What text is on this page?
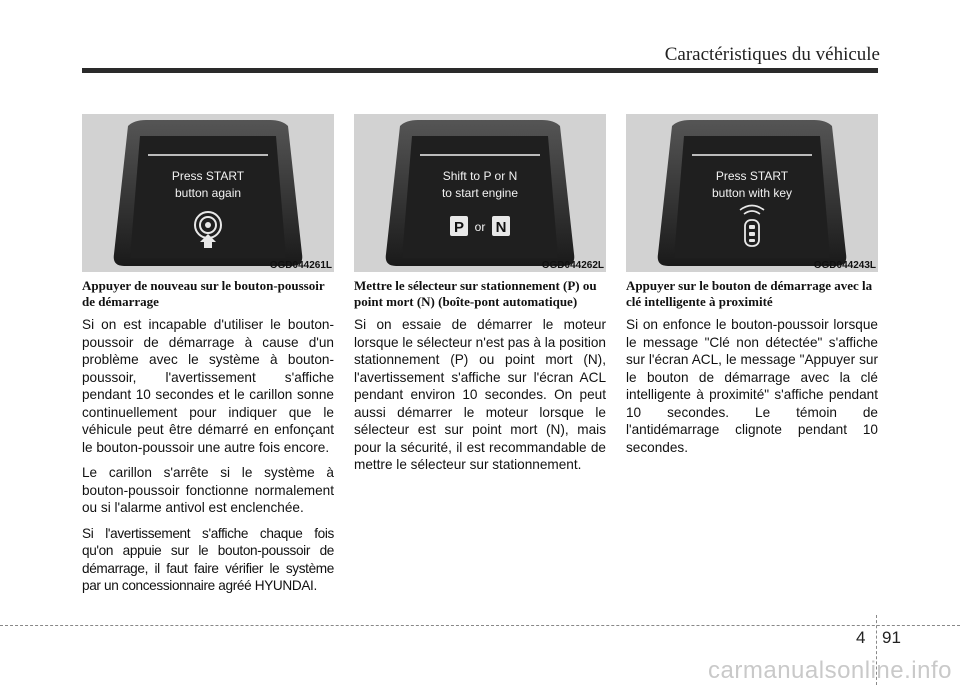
Caractéristiques du véhicule
Press START
button again
OGD044261L
Appuyer de nouveau sur le bouton-poussoir de démarrage

Si on est incapable d'utiliser le bouton-poussoir de démarrage à cause d'un problème avec le système à bouton-poussoir, l'avertissement s'affiche pendant 10 secondes et le carillon sonne continuellement pour indiquer que le véhicule peut être démarré en enfonçant le bouton-poussoir une autre fois encore.

Le carillon s'arrête si le système à bouton-poussoir fonctionne normalement ou si l'alarme antivol est enclenchée.

Si l'avertissement s'affiche chaque fois qu'on appuie sur le bouton-poussoir de démarrage, il faut faire vérifier le système par un concessionnaire agréé HYUNDAI.

Shift to P or N
to start engine
P or N
OGD044262L
Mettre le sélecteur sur stationnement (P) ou point mort (N) (boîte-pont automatique)

Si on essaie de démarrer le moteur lorsque le sélecteur n'est pas à la position stationnement (P) ou point mort (N), l'avertissement s'affiche sur l'écran ACL pendant environ 10 secondes. On peut aussi démarrer le moteur lorsque le sélecteur est sur point mort (N), mais pour la sécurité, il est recommandable de mettre le sélecteur sur stationnement.

Press START
button with key
OGD044243L
Appuyer sur le bouton de démarrage avec la clé intelligente à proximité

Si on enfonce le bouton-poussoir lorsque le message "Clé non détectée" s'affiche sur l'écran ACL, le message "Appuyer sur le bouton de démarrage avec la clé intelligente à proximité" s'affiche pendant 10 secondes. Le témoin de l'antidémarrage clignote pendant 10 secondes.

4 91
carmanualsonline.info
